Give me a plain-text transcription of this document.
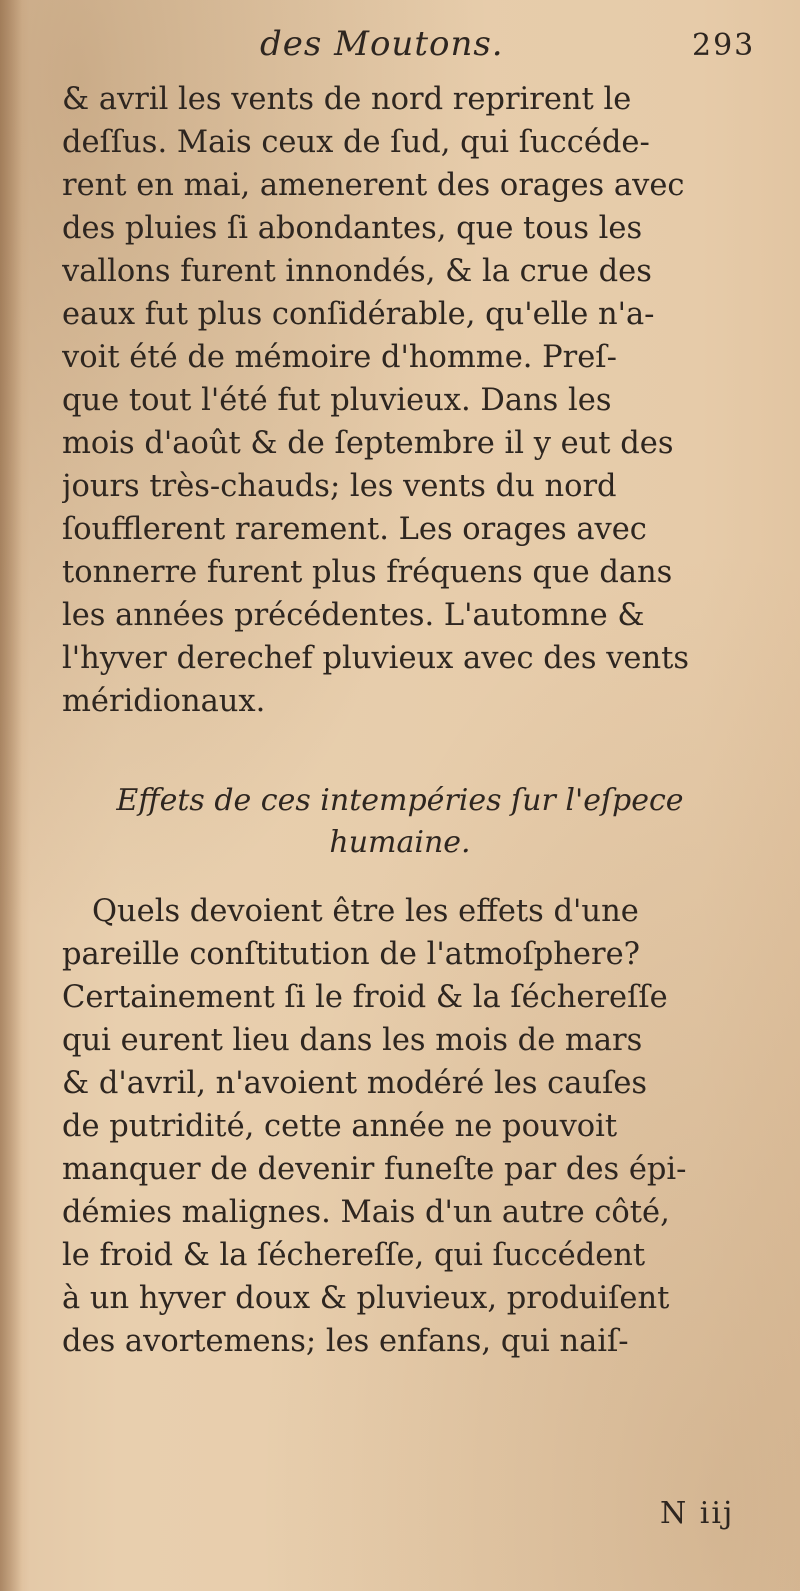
des Moutons.	293
& avril les vents de nord reprirent le
deſſus. Mais ceux de ſud, qui ſuccéde-
rent en mai, amenerent des orages avec
des pluies ſi abondantes, que tous les
vallons furent innondés, & la crue des
eaux fut plus conſidérable, qu'elle n'a-
voit été de mémoire d'homme. Preſ-
que tout l'été fut pluvieux. Dans les
mois d'août & de ſeptembre il y eut des
jours très-chauds; les vents du nord
ſoufflerent rarement. Les orages avec
tonnerre furent plus fréquens que dans
les années précédentes. L'automne &
l'hyver derechef pluvieux avec des vents
méridionaux.
Effets de ces intempéries ſur l'eſpece
humaine.
Quels devoient être les effets d'une
pareille conſtitution de l'atmoſphere?
Certainement ſi le froid & la ſéchereſſe
qui eurent lieu dans les mois de mars
& d'avril, n'avoient modéré les cauſes
de putridité, cette année ne pouvoit
manquer de devenir funeſte par des épi-
démies malignes. Mais d'un autre côté,
le froid & la ſéchereſſe, qui ſuccédent
à un hyver doux & pluvieux, produiſent
des avortemens; les enfans, qui naiſ-
N iij
